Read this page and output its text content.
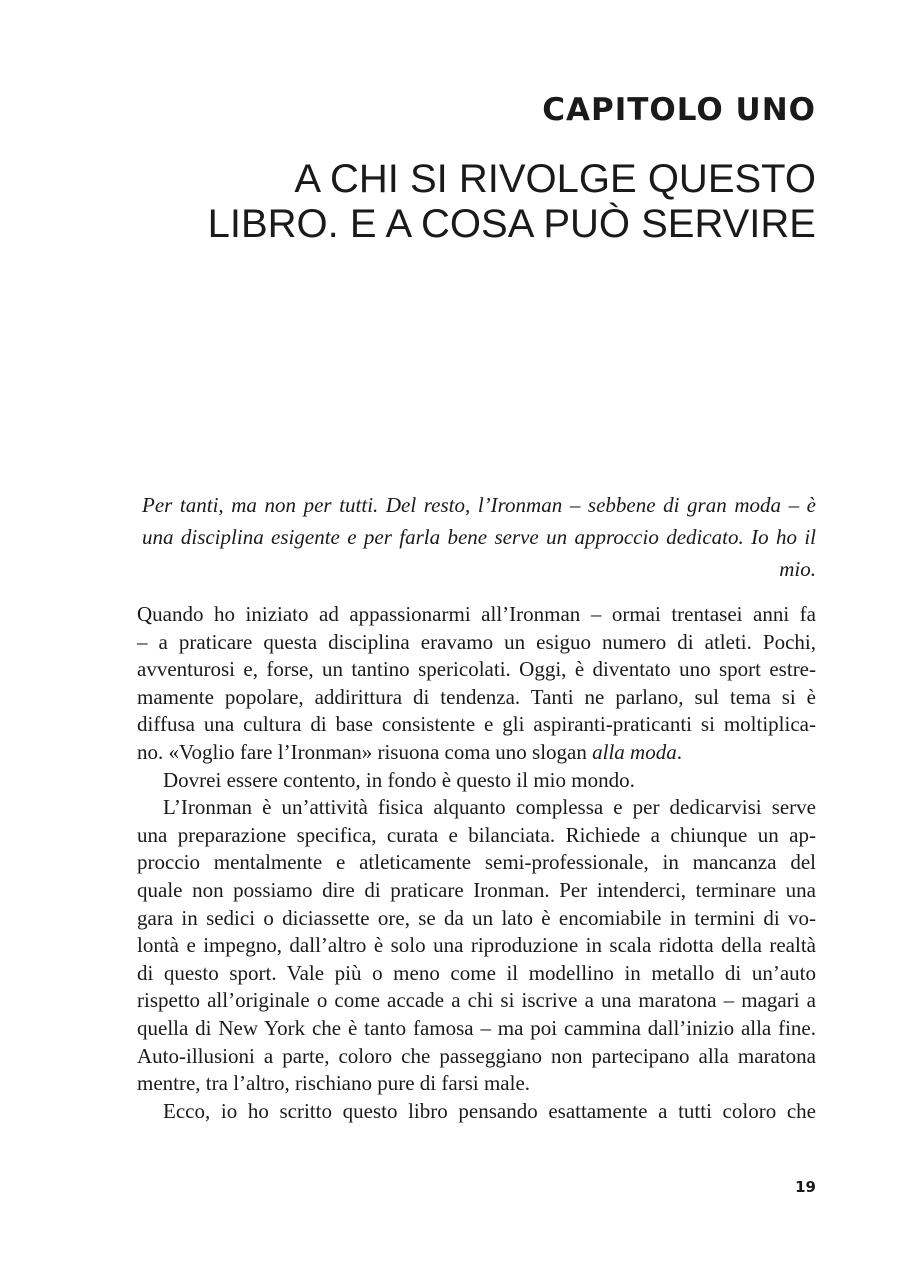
CAPITOLO UNO
A CHI SI RIVOLGE QUESTO
LIBRO. E A COSA PUÒ SERVIRE
Per tanti, ma non per tutti. Del resto, l’Ironman – sebbene di gran moda – è una disciplina esigente e per farla bene serve un approccio dedicato. Io ho il mio.

Quando ho iniziato ad appassionarmi all’Ironman – ormai trentasei anni fa
– a praticare questa disciplina eravamo un esiguo numero di atleti. Pochi,
avventurosi e, forse, un tantino spericolati. Oggi, è diventato uno sport estre-
mamente popolare, addirittura di tendenza. Tanti ne parlano, sul tema si è
diffusa una cultura di base consistente e gli aspiranti-praticanti si moltiplica-
no. «Voglio fare l’Ironman» risuona coma uno slogan alla moda.

Dovrei essere contento, in fondo è questo il mio mondo.

L’Ironman è un’attività fisica alquanto complessa e per dedicarvisi serve
una preparazione specifica, curata e bilanciata. Richiede a chiunque un ap-
proccio mentalmente e atleticamente semi-professionale, in mancanza del
quale non possiamo dire di praticare Ironman. Per intenderci, terminare una
gara in sedici o diciassette ore, se da un lato è encomiabile in termini di vo-
lontà e impegno, dall’altro è solo una riproduzione in scala ridotta della realtà
di questo sport. Vale più o meno come il modellino in metallo di un’auto
rispetto all’originale o come accade a chi si iscrive a una maratona – magari a
quella di New York che è tanto famosa – ma poi cammina dall’inizio alla fine.
Auto-illusioni a parte, coloro che passeggiano non partecipano alla maratona
mentre, tra l’altro, rischiano pure di farsi male.

Ecco, io ho scritto questo libro pensando esattamente a tutti coloro che

19
